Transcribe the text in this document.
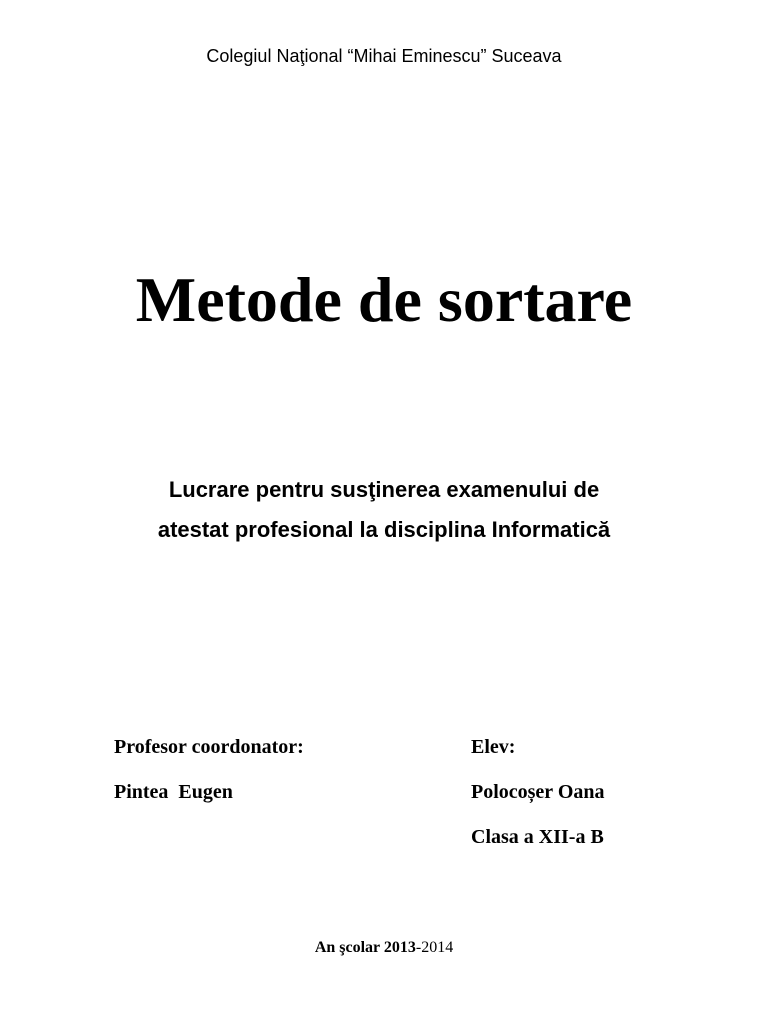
Colegiul Naţional “Mihai Eminescu” Suceava
Metode de sortare
Lucrare pentru susţinerea examenului de
atestat profesional la disciplina Informatică
Profesor coordonator:
Pintea  Eugen
Elev:
Polocoșer Oana
Clasa a XII-a B
An şcolar 2013-2014
